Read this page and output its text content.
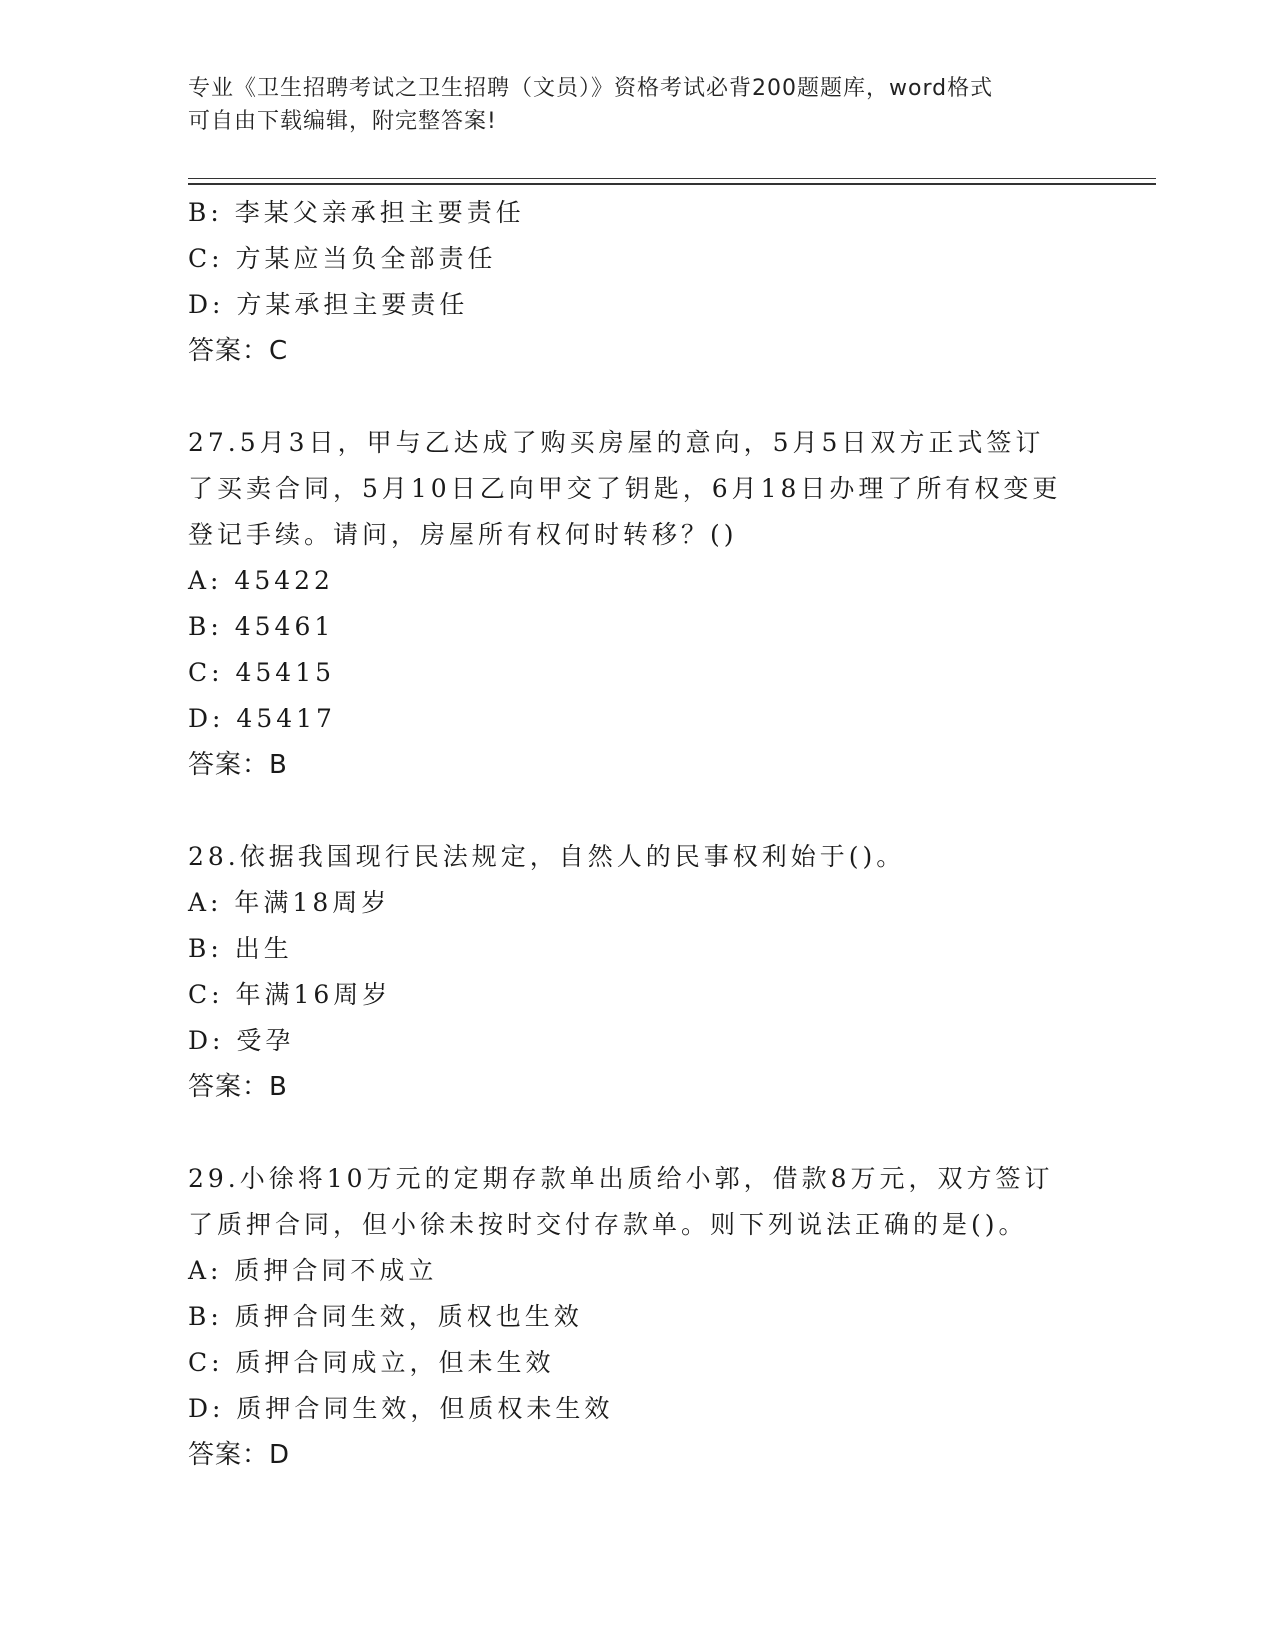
专业《卫生招聘考试之卫生招聘（文员）》资格考试必背200题题库，word格式
可自由下载编辑，附完整答案!
B: 李某父亲承担主要责任
C: 方某应当负全部责任
D: 方某承担主要责任
答案：C
27.5月3日，甲与乙达成了购买房屋的意向，5月5日双方正式签订
了买卖合同，5月10日乙向甲交了钥匙，6月18日办理了所有权变更
登记手续。请问，房屋所有权何时转移？()
A: 45422
B: 45461
C: 45415
D: 45417
答案：B
28.依据我国现行民法规定，自然人的民事权利始于()。
A: 年满18周岁
B: 出生
C: 年满16周岁
D: 受孕
答案：B
29.小徐将10万元的定期存款单出质给小郭，借款8万元，双方签订
了质押合同，但小徐未按时交付存款单。则下列说法正确的是()。
A: 质押合同不成立
B: 质押合同生效，质权也生效
C: 质押合同成立，但未生效
D: 质押合同生效，但质权未生效
答案：D
